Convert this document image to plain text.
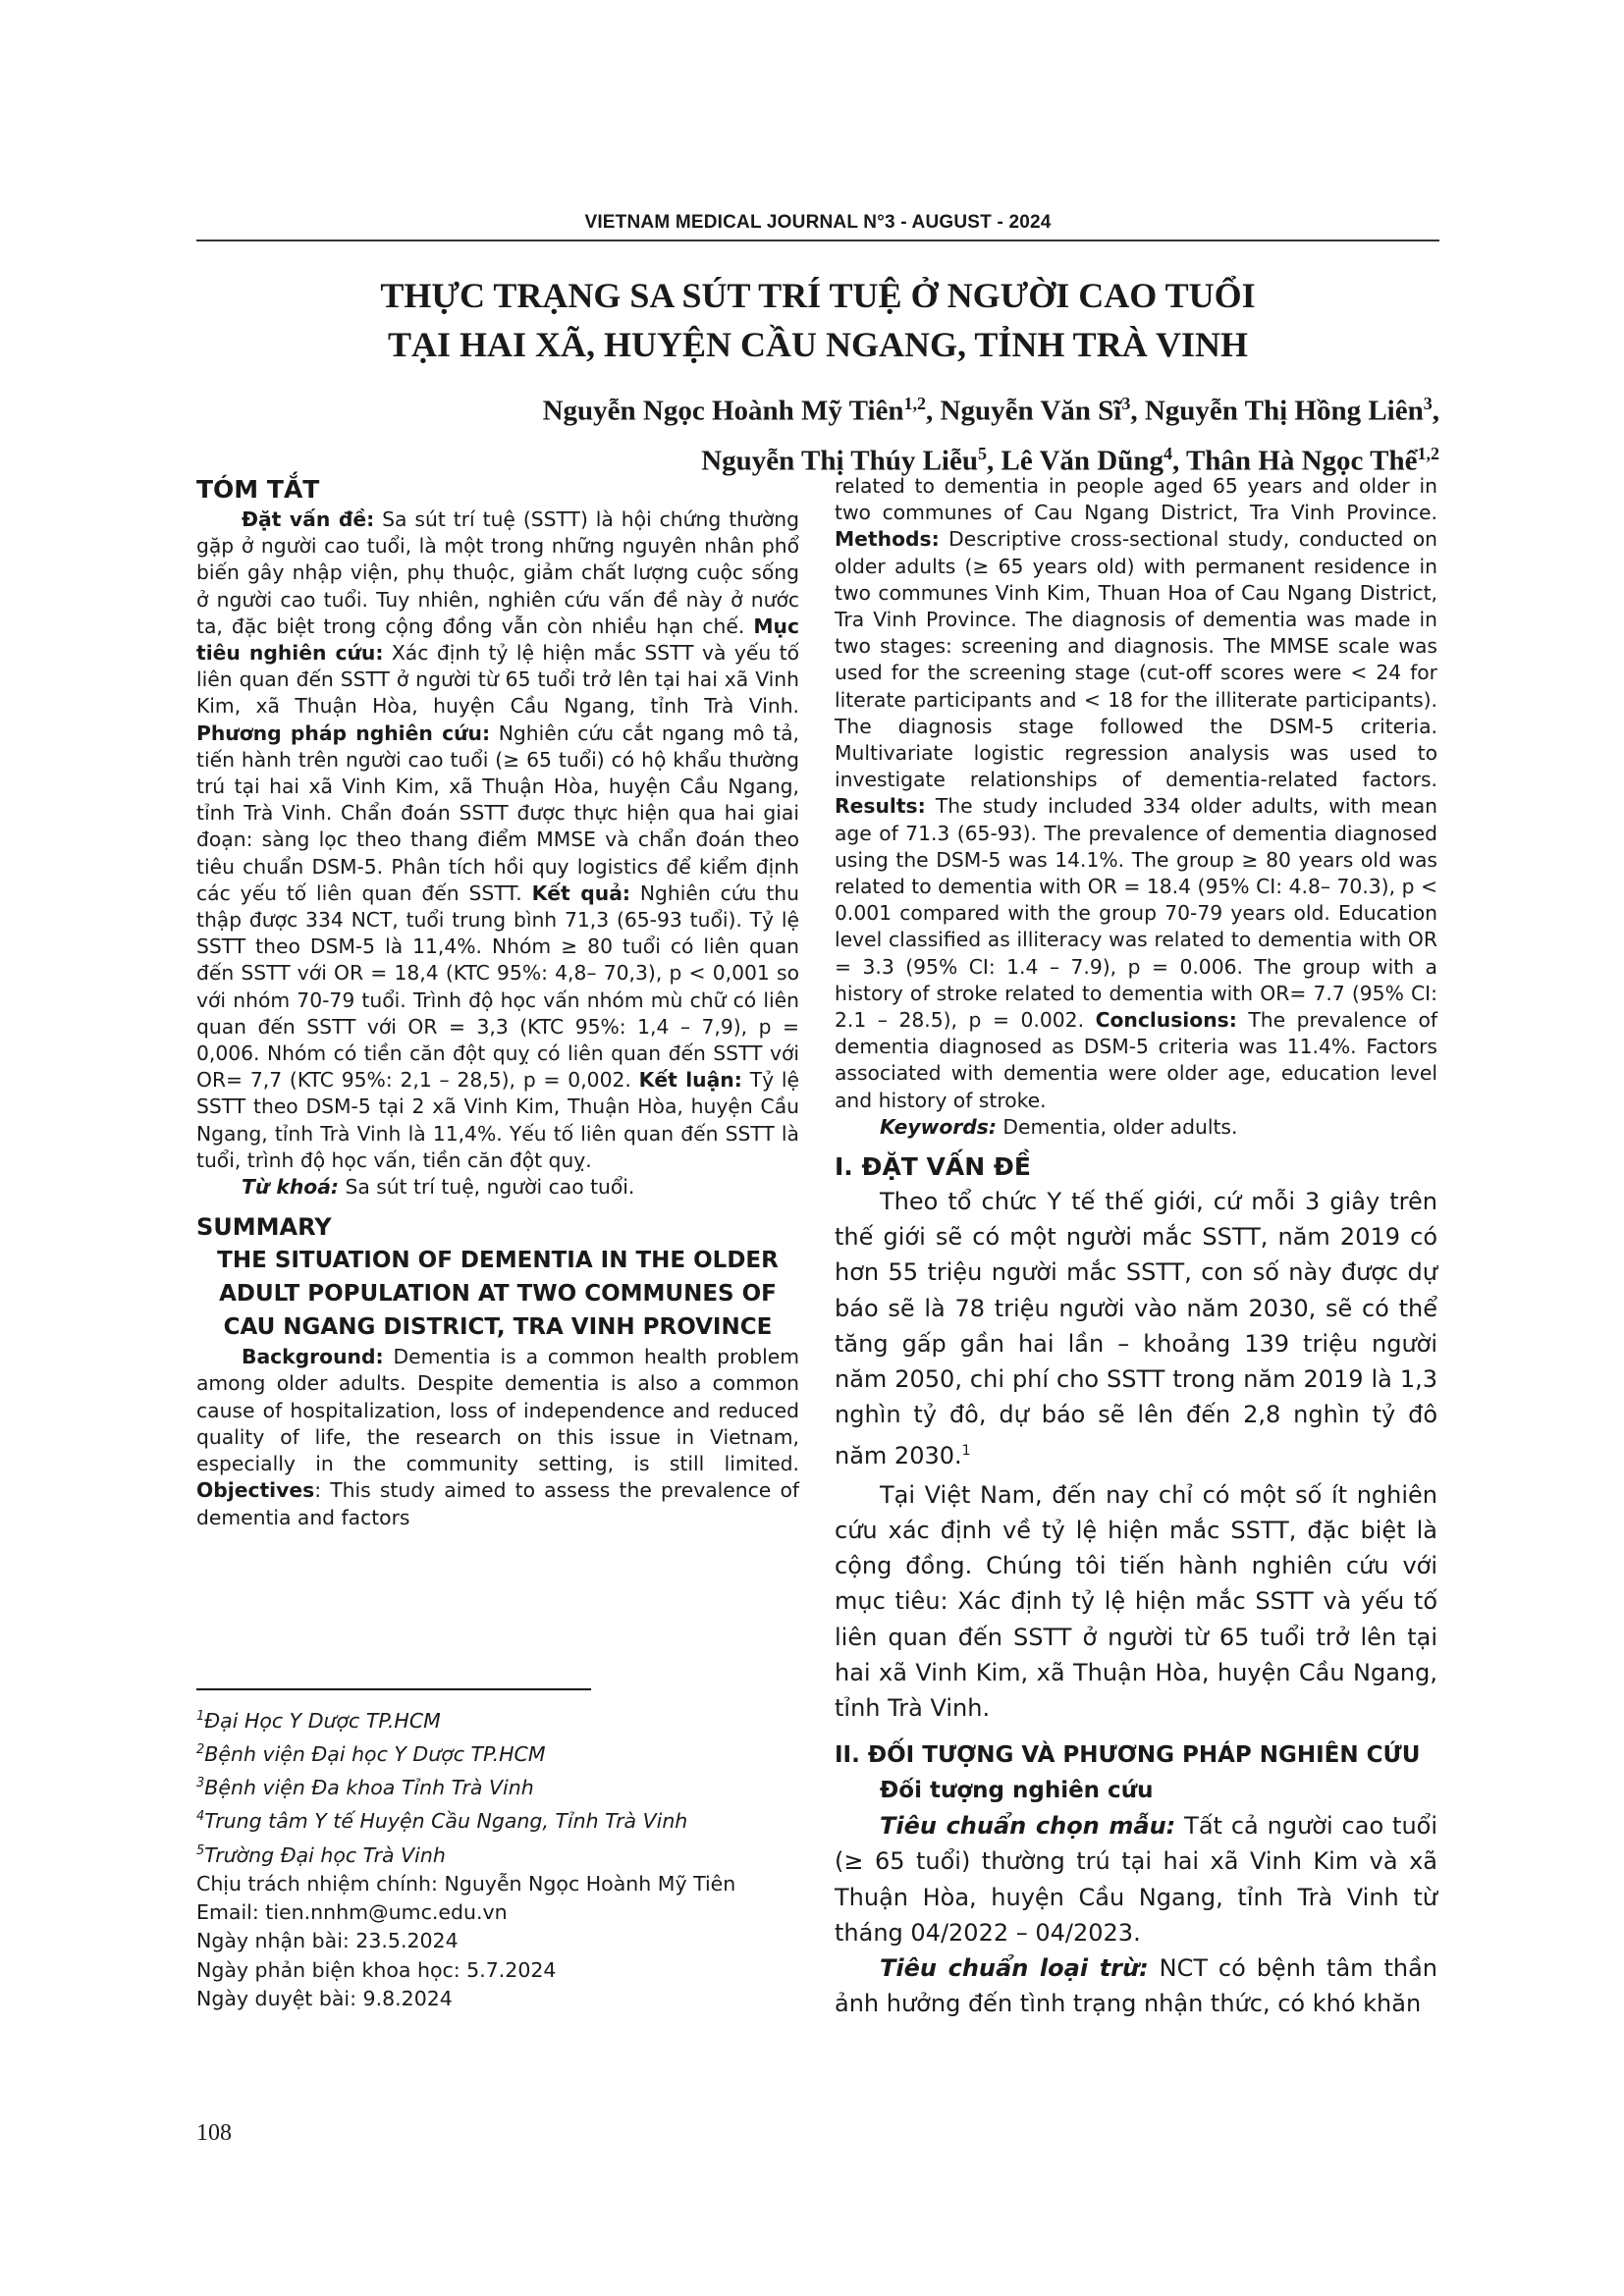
VIETNAM MEDICAL JOURNAL N°3 - AUGUST - 2024
THỰC TRẠNG SA SÚT TRÍ TUỆ Ở NGƯỜI CAO TUỔI
TẠI HAI XÃ, HUYỆN CẦU NGANG, TỈNH TRÀ VINH
Nguyễn Ngọc Hoành Mỹ Tiên$^{1,2}$, Nguyễn Văn $Sĩ^3$, Nguyễn Thị Hồng Liên$^3$,
Nguyễn Thị Thúy Liễu$^5$, Lê Văn Dũng$^4$, Thân Hà Ngọc Thể$^{1,2}$

TÓM TẮT

Đặt vấn đề: Sa sút trí tuệ (SSTT) là hội chứng thường gặp ở người cao tuổi, là một trong những nguyên nhân phổ biến gây nhập viện, phụ thuộc, giảm chất lượng cuộc sống ở người cao tuổi. Tuy nhiên, nghiên cứu vấn đề này ở nước ta, đặc biệt trong cộng đồng vẫn còn nhiều hạn chế. Mục tiêu nghiên cứu: Xác định tỷ lệ hiện mắc SSTT và yếu tố liên quan đến SSTT ở người từ 65 tuổi trở lên tại hai xã Vinh Kim, xã Thuận Hòa, huyện Cầu Ngang, tỉnh Trà Vinh. Phương pháp nghiên cứu: Nghiên cứu cắt ngang mô tả, tiến hành trên người cao tuổi (≥ 65 tuổi) có hộ khẩu thường trú tại hai xã Vinh Kim, xã Thuận Hòa, huyện Cầu Ngang, tỉnh Trà Vinh. Chẩn đoán SSTT được thực hiện qua hai giai đoạn: sàng lọc theo thang điểm MMSE và chẩn đoán theo tiêu chuẩn DSM-5. Phân tích hồi quy logistics để kiểm định các yếu tố liên quan đến SSTT. Kết quả: Nghiên cứu thu thập được 334 NCT, tuổi trung bình 71,3 (65-93 tuổi). Tỷ lệ SSTT theo DSM-5 là 11,4%. Nhóm ≥ 80 tuổi có liên quan đến SSTT với OR = 18,4 (KTC 95%: 4,8– 70,3), p < 0,001 so với nhóm 70-79 tuổi. Trình độ học vấn nhóm mù chữ có liên quan đến SSTT với OR = 3,3 (KTC 95%: 1,4 – 7,9), p = 0,006. Nhóm có tiền căn đột quỵ có liên quan đến SSTT với OR= 7,7 (KTC 95%: 2,1 – 28,5), p = 0,002. Kết luận: Tỷ lệ SSTT theo DSM-5 tại 2 xã Vinh Kim, Thuận Hòa, huyện Cầu Ngang, tỉnh Trà Vinh là 11,4%. Yếu tố liên quan đến SSTT là tuổi, trình độ học vấn, tiền căn đột quỵ.

Từ khoá: Sa sút trí tuệ, người cao tuổi.

SUMMARY

THE SITUATION OF DEMENTIA IN THE OLDER ADULT POPULATION AT TWO COMMUNES OF CAU NGANG DISTRICT, TRA VINH PROVINCE

Background: Dementia is a common health problem among older adults. Despite dementia is also a common cause of hospitalization, loss of independence and reduced quality of life, the research on this issue in Vietnam, especially in the community setting, is still limited. Objectives: This study aimed to assess the prevalence of dementia and factors

related to dementia in people aged 65 years and older in two communes of Cau Ngang District, Tra Vinh Province. Methods: Descriptive cross-sectional study, conducted on older adults (≥ 65 years old) with permanent residence in two communes Vinh Kim, Thuan Hoa of Cau Ngang District, Tra Vinh Province. The diagnosis of dementia was made in two stages: screening and diagnosis. The MMSE scale was used for the screening stage (cut-off scores were < 24 for literate participants and < 18 for the illiterate participants). The diagnosis stage followed the DSM-5 criteria. Multivariate logistic regression analysis was used to investigate relationships of dementia-related factors. Results: The study included 334 older adults, with mean age of 71.3 (65-93). The prevalence of dementia diagnosed using the DSM-5 was 14.1%. The group ≥ 80 years old was related to dementia with OR = 18.4 (95% CI: 4.8– 70.3), p < 0.001 compared with the group 70-79 years old. Education level classified as illiteracy was related to dementia with OR = 3.3 (95% CI: 1.4 – 7.9), p = 0.006. The group with a history of stroke related to dementia with OR= 7.7 (95% CI: 2.1 – 28.5), p = 0.002. Conclusions: The prevalence of dementia diagnosed as DSM-5 criteria was 11.4%. Factors associated with dementia were older age, education level and history of stroke.

Keywords: Dementia, older adults.

I. ĐẶT VẤN ĐỀ

Theo tổ chức Y tế thế giới, cứ mỗi 3 giây trên thế giới sẽ có một người mắc SSTT, năm 2019 có hơn 55 triệu người mắc SSTT, con số này được dự báo sẽ là 78 triệu người vào năm 2030, sẽ có thể tăng gấp gần hai lần – khoảng 139 triệu người năm 2050, chi phí cho SSTT trong năm 2019 là 1,3 nghìn tỷ đô, dự báo sẽ lên đến 2,8 nghìn tỷ đô năm 2030.$^1$

Tại Việt Nam, đến nay chỉ có một số ít nghiên cứu xác định về tỷ lệ hiện mắc SSTT, đặc biệt là cộng đồng. Chúng tôi tiến hành nghiên cứu với mục tiêu: Xác định tỷ lệ hiện mắc SSTT và yếu tố liên quan đến SSTT ở người từ 65 tuổi trở lên tại hai xã Vinh Kim, xã Thuận Hòa, huyện Cầu Ngang, tỉnh Trà Vinh.

II. ĐỐI TƯỢNG VÀ PHƯƠNG PHÁP NGHIÊN CỨU

Đối tượng nghiên cứu

Tiêu chuẩn chọn mẫu: Tất cả người cao tuổi (≥ 65 tuổi) thường trú tại hai xã Vinh Kim và xã Thuận Hòa, huyện Cầu Ngang, tỉnh Trà Vinh từ tháng 04/2022 – 04/2023.

Tiêu chuẩn loại trừ: NCT có bệnh tâm thần ảnh hưởng đến tình trạng nhận thức, có khó khăn

$^1$Đại Học Y Dược TP.HCM
$^2$Bệnh viện Đại học Y Dược TP.HCM
$^3$Bệnh viện Đa khoa Tỉnh Trà Vinh
$^4$Trung tâm Y tế Huyện Cầu Ngang, Tỉnh Trà Vinh
$^5$Trường Đại học Trà Vinh
Chịu trách nhiệm chính: Nguyễn Ngọc Hoành Mỹ Tiên
Email: tien.nnhm@umc.edu.vn
Ngày nhận bài: 23.5.2024
Ngày phản biện khoa học: 5.7.2024
Ngày duyệt bài: 9.8.2024
108
